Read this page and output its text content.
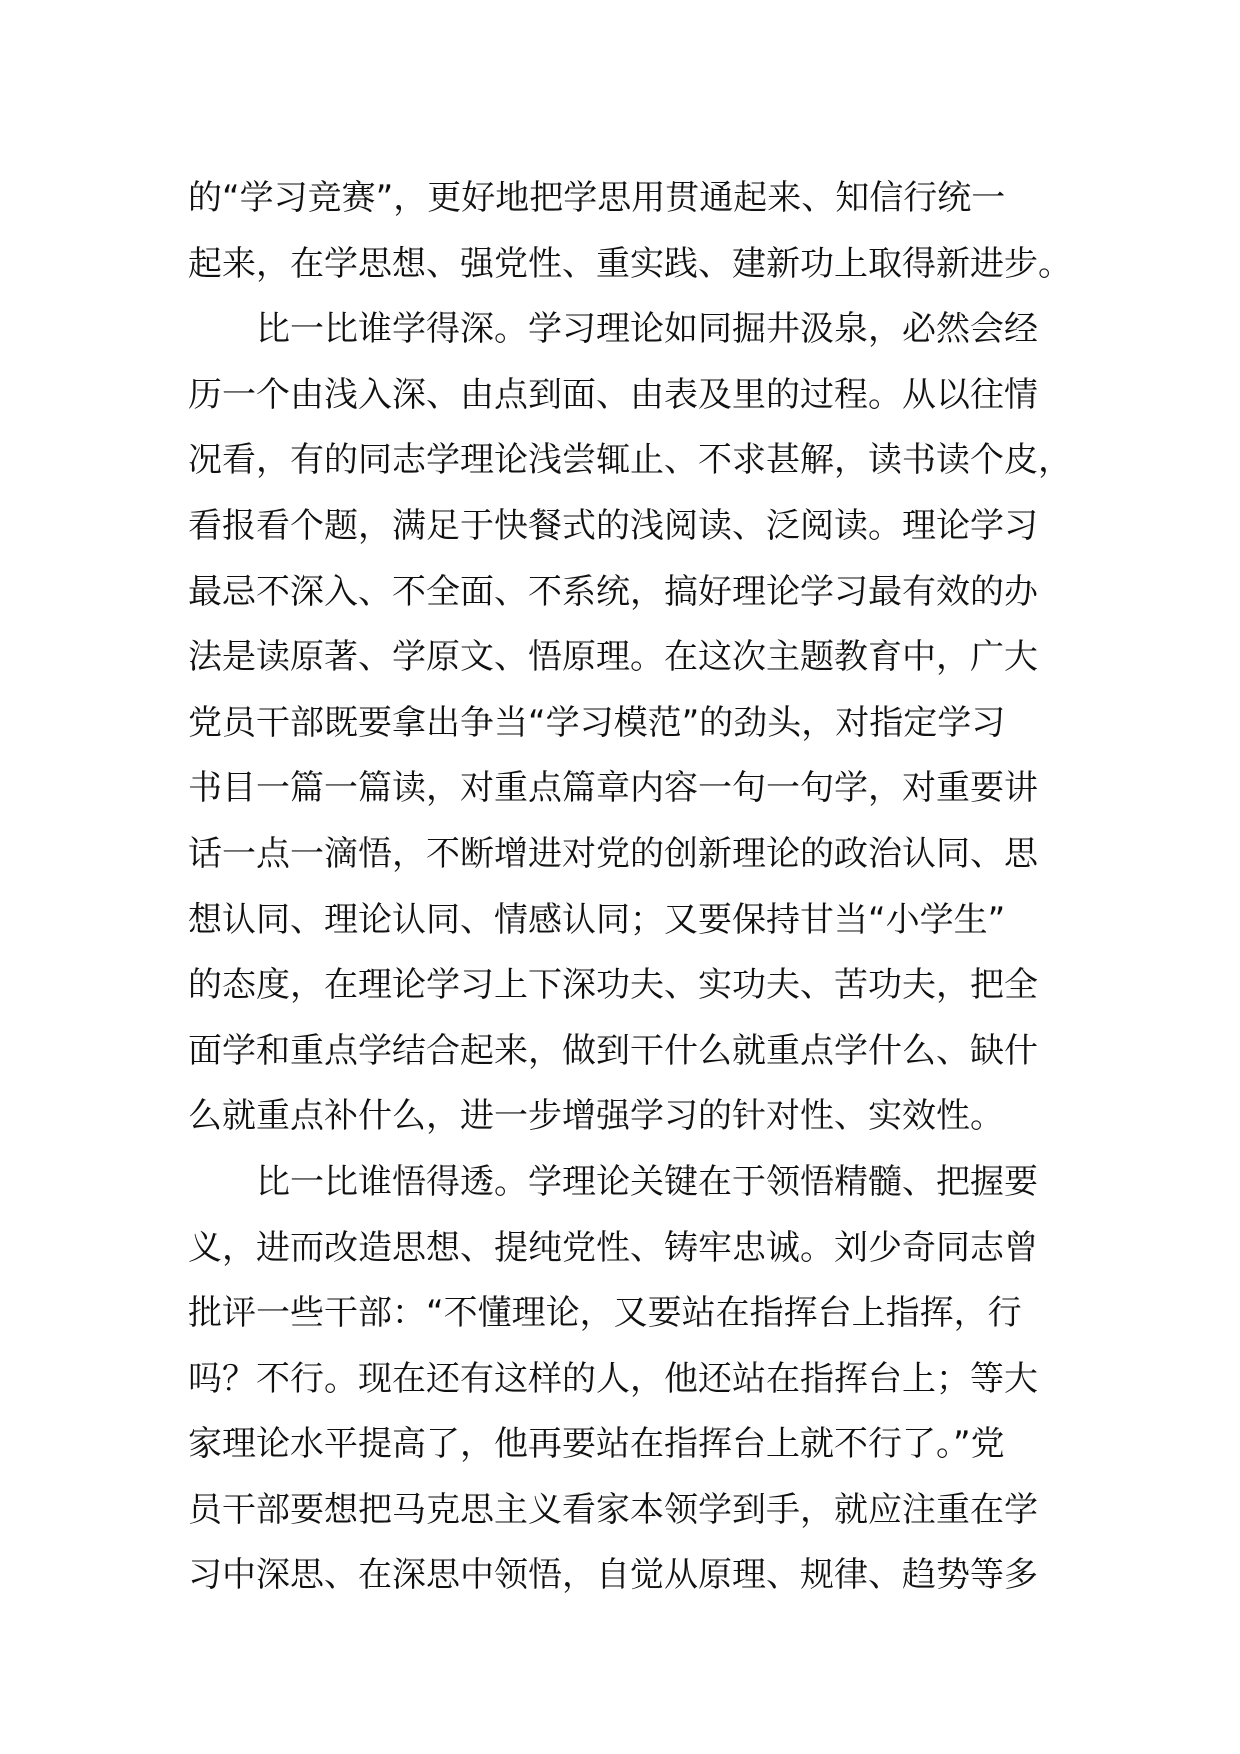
的“学习竞赛”，更好地把学思用贯通起来、知信行统一
起来，在学思想、强党性、重实践、建新功上取得新进步。
比一比谁学得深。学习理论如同掘井汲泉，必然会经
历一个由浅入深、由点到面、由表及里的过程。从以往情
况看，有的同志学理论浅尝辄止、不求甚解，读书读个皮，
看报看个题，满足于快餐式的浅阅读、泛阅读。理论学习
最忌不深入、不全面、不系统，搞好理论学习最有效的办
法是读原著、学原文、悟原理。在这次主题教育中，广大
党员干部既要拿出争当“学习模范”的劲头，对指定学习
书目一篇一篇读，对重点篇章内容一句一句学，对重要讲
话一点一滴悟，不断增进对党的创新理论的政治认同、思
想认同、理论认同、情感认同；又要保持甘当“小学生”
的态度，在理论学习上下深功夫、实功夫、苦功夫，把全
面学和重点学结合起来，做到干什么就重点学什么、缺什
么就重点补什么，进一步增强学习的针对性、实效性。
比一比谁悟得透。学理论关键在于领悟精髓、把握要
义，进而改造思想、提纯党性、铸牢忠诚。刘少奇同志曾
批评一些干部：“不懂理论，又要站在指挥台上指挥，行
吗？不行。现在还有这样的人，他还站在指挥台上；等大
家理论水平提高了，他再要站在指挥台上就不行了。”党
员干部要想把马克思主义看家本领学到手，就应注重在学
习中深思、在深思中领悟，自觉从原理、规律、趋势等多
